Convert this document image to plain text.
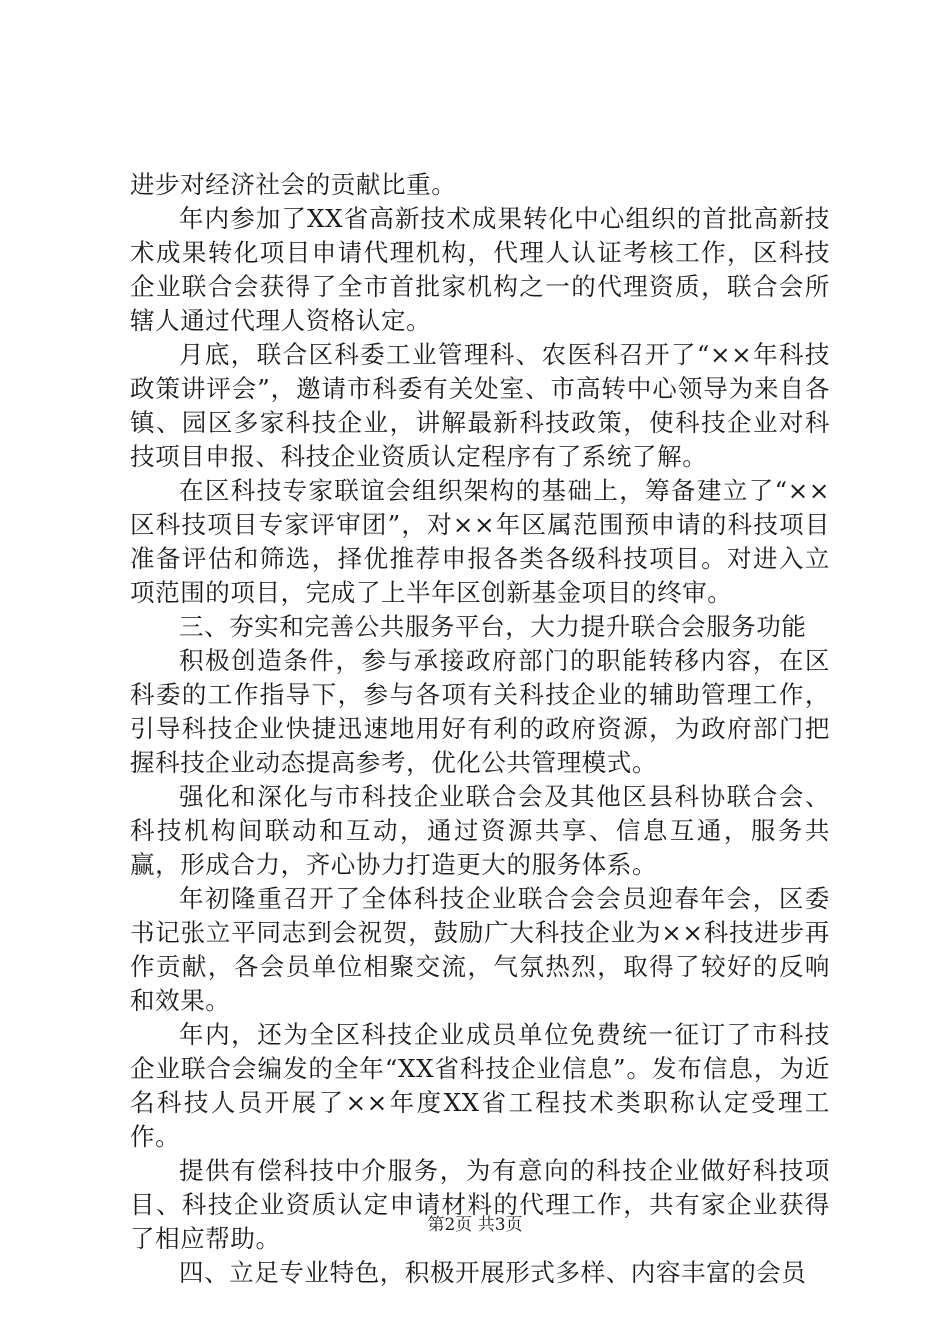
进步对经济社会的贡献比重。

年内参加了XX省高新技术成果转化中心组织的首批高新技术成果转化项目申请代理机构，代理人认证考核工作，区科技企业联合会获得了全市首批家机构之一的代理资质，联合会所辖人通过代理人资格认定。

月底，联合区科委工业管理科、农医科召开了“××年科技政策讲评会”，邀请市科委有关处室、市高转中心领导为来自各镇、园区多家科技企业，讲解最新科技政策，使科技企业对科技项目申报、科技企业资质认定程序有了系统了解。

在区科技专家联谊会组织架构的基础上，筹备建立了“××区科技项目专家评审团”，对××年区属范围预申请的科技项目准备评估和筛选，择优推荐申报各类各级科技项目。对进入立项范围的项目，完成了上半年区创新基金项目的终审。

三、夯实和完善公共服务平台，大力提升联合会服务功能

积极创造条件，参与承接政府部门的职能转移内容，在区科委的工作指导下，参与各项有关科技企业的辅助管理工作，引导科技企业快捷迅速地用好有利的政府资源，为政府部门把握科技企业动态提高参考，优化公共管理模式。

强化和深化与市科技企业联合会及其他区县科协联合会、科技机构间联动和互动，通过资源共享、信息互通，服务共赢，形成合力，齐心协力打造更大的服务体系。

年初隆重召开了全体科技企业联合会会员迎春年会，区委书记张立平同志到会祝贺，鼓励广大科技企业为××科技进步再作贡献，各会员单位相聚交流，气氛热烈，取得了较好的反响和效果。

年内，还为全区科技企业成员单位免费统一征订了市科技企业联合会编发的全年“XX省科技企业信息”。发布信息，为近名科技人员开展了××年度XX省工程技术类职称认定受理工作。

提供有偿科技中介服务，为有意向的科技企业做好科技项目、科技企业资质认定申请材料的代理工作，共有家企业获得了相应帮助。

四、立足专业特色，积极开展形式多样、内容丰富的会员

第2页 共3页
